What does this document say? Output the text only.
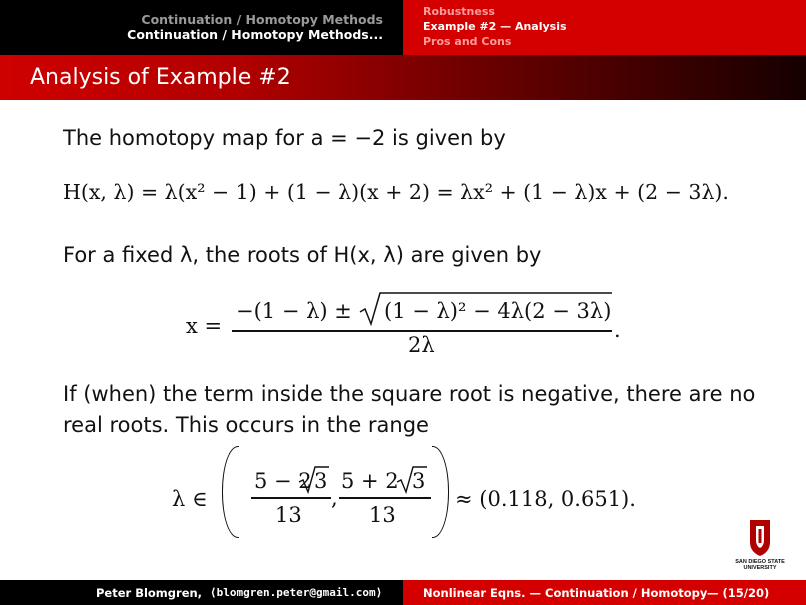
Continuation / Homotopy Methods
Continuation / Homotopy Methods...
Robustness
Example #2 — Analysis
Pros and Cons
Analysis of Example #2
The homotopy map for a = −2 is given by
H(x, λ) = λ(x² − 1) + (1 − λ)(x + 2) = λx² + (1 − λ)x + (2 − 3λ).
For a fixed λ, the roots of H(x, λ) are given by
x =
−(1 − λ) ± (1 − λ)² − 4λ(2 − 3λ)
2λ
.
If (when) the term inside the square root is negative, there are no
real roots. This occurs in the range
λ ∈
5 − 2 3
13
,
5 + 2 3
13
≈ (0.118, 0.651).
SAN DIEGO STATE
UNIVERSITY
Peter Blomgren, ⟨blomgren.peter@gmail.com⟩	Nonlinear Eqns. — Continuation / Homotopy — (15/20)
